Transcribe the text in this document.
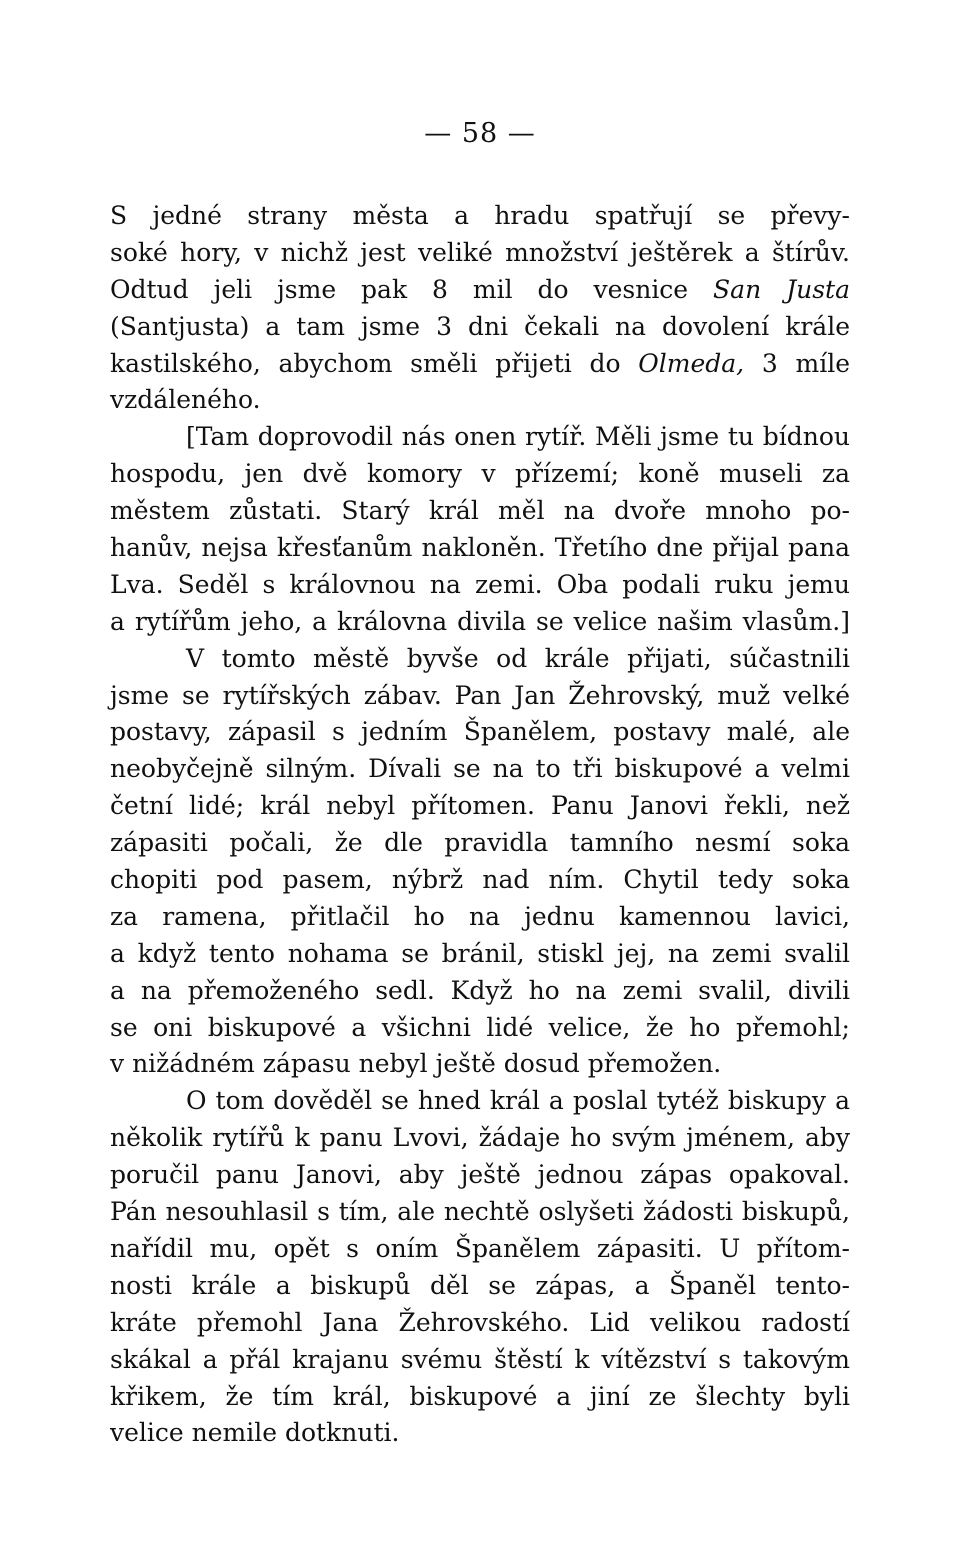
— 58 —
S jedné strany města a hradu spatřují se převy-
soké hory, v nichž jest veliké množství ještěrek a štírův.
Odtud jeli jsme pak 8 mil do vesnice San Justa
(Santjusta) a tam jsme 3 dni čekali na dovolení krále
kastilského, abychom směli přijeti do Olmeda, 3 míle
vzdáleného.
[Tam doprovodil nás onen rytíř. Měli jsme tu bídnou
hospodu, jen dvě komory v přízemí; koně museli za
městem zůstati. Starý král měl na dvoře mnoho po-
hanův, nejsa křesťanům nakloněn. Třetího dne přijal pana
Lva. Seděl s královnou na zemi. Oba podali ruku jemu
a rytířům jeho, a královna divila se velice našim vlasům.]
V tomto městě byvše od krále přijati, súčastnili
jsme se rytířských zábav. Pan Jan Žehrovský, muž velké
postavy, zápasil s jedním Španělem, postavy malé, ale
neobyčejně silným. Dívali se na to tři biskupové a velmi
četní lidé; král nebyl přítomen. Panu Janovi řekli, než
zápasiti počali, že dle pravidla tamního nesmí soka
chopiti pod pasem, nýbrž nad ním. Chytil tedy soka
za ramena, přitlačil ho na jednu kamennou lavici,
a když tento nohama se bránil, stiskl jej, na zemi svalil
a na přemoženého sedl. Když ho na zemi svalil, divili
se oni biskupové a všichni lidé velice, že ho přemohl;
v nižádném zápasu nebyl ještě dosud přemožen.
O tom dověděl se hned král a poslal tytéž biskupy a
několik rytířů k panu Lvovi, žádaje ho svým jménem, aby
poručil panu Janovi, aby ještě jednou zápas opakoval.
Pán nesouhlasil s tím, ale nechtě oslyšeti žádosti biskupů,
nařídil mu, opět s oním Španělem zápasiti. U přítom-
nosti krále a biskupů děl se zápas, a Španěl tento-
kráte přemohl Jana Žehrovského. Lid velikou radostí
skákal a přál krajanu svému štěstí k vítězství s takovým
křikem, že tím král, biskupové a jiní ze šlechty byli
velice nemile dotknuti.
